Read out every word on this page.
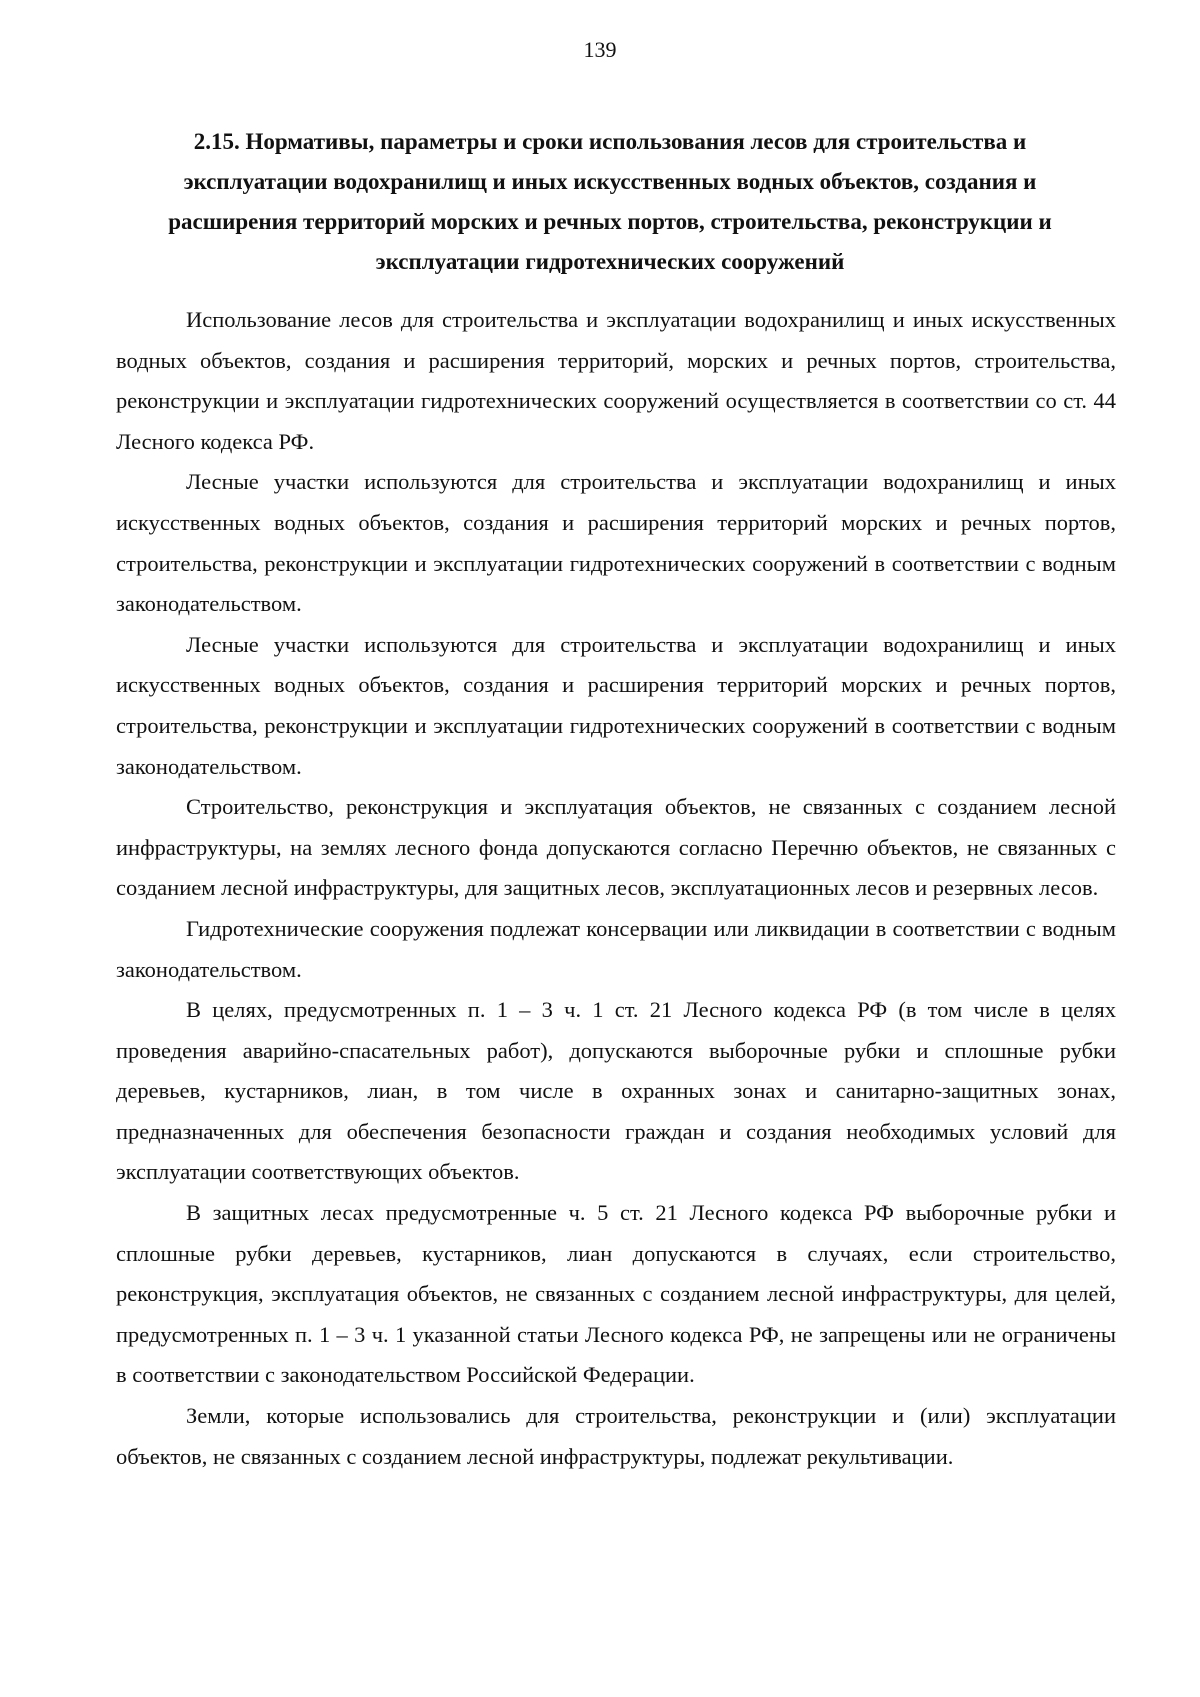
139
2.15. Нормативы, параметры и сроки использования лесов для строительства и эксплуатации водохранилищ и иных искусственных водных объектов, создания и расширения территорий морских и речных портов, строительства, реконструкции и эксплуатации гидротехнических сооружений

Использование лесов для строительства и эксплуатации водохранилищ и иных искусственных водных объектов, создания и расширения территорий, морских и речных портов, строительства, реконструкции и эксплуатации гидротехнических сооружений осуществляется в соответствии со ст. 44 Лесного кодекса РФ.

Лесные участки используются для строительства и эксплуатации водохранилищ и иных искусственных водных объектов, создания и расширения территорий морских и речных портов, строительства, реконструкции и эксплуатации гидротехнических сооружений в соответствии с водным законодательством.

Лесные участки используются для строительства и эксплуатации водохранилищ и иных искусственных водных объектов, создания и расширения территорий морских и речных портов, строительства, реконструкции и эксплуатации гидротехнических сооружений в соответствии с водным законодательством.

Строительство, реконструкция и эксплуатация объектов, не связанных с созданием лесной инфраструктуры, на землях лесного фонда допускаются согласно Перечню объектов, не связанных с созданием лесной инфраструктуры, для защитных лесов, эксплуатационных лесов и резервных лесов.

Гидротехнические сооружения подлежат консервации или ликвидации в соответствии с водным законодательством.

В целях, предусмотренных п. 1 – 3 ч. 1 ст. 21 Лесного кодекса РФ (в том числе в целях проведения аварийно-спасательных работ), допускаются выборочные рубки и сплошные рубки деревьев, кустарников, лиан, в том числе в охранных зонах и санитарно-защитных зонах, предназначенных для обеспечения безопасности граждан и создания необходимых условий для эксплуатации соответствующих объектов.

В защитных лесах предусмотренные ч. 5 ст. 21 Лесного кодекса РФ выборочные рубки и сплошные рубки деревьев, кустарников, лиан допускаются в случаях, если строительство, реконструкция, эксплуатация объектов, не связанных с созданием лесной инфраструктуры, для целей, предусмотренных п. 1 – 3 ч. 1 указанной статьи Лесного кодекса РФ, не запрещены или не ограничены в соответствии с законодательством Российской Федерации.

Земли, которые использовались для строительства, реконструкции и (или) эксплуатации объектов, не связанных с созданием лесной инфраструктуры, подлежат рекультивации.
